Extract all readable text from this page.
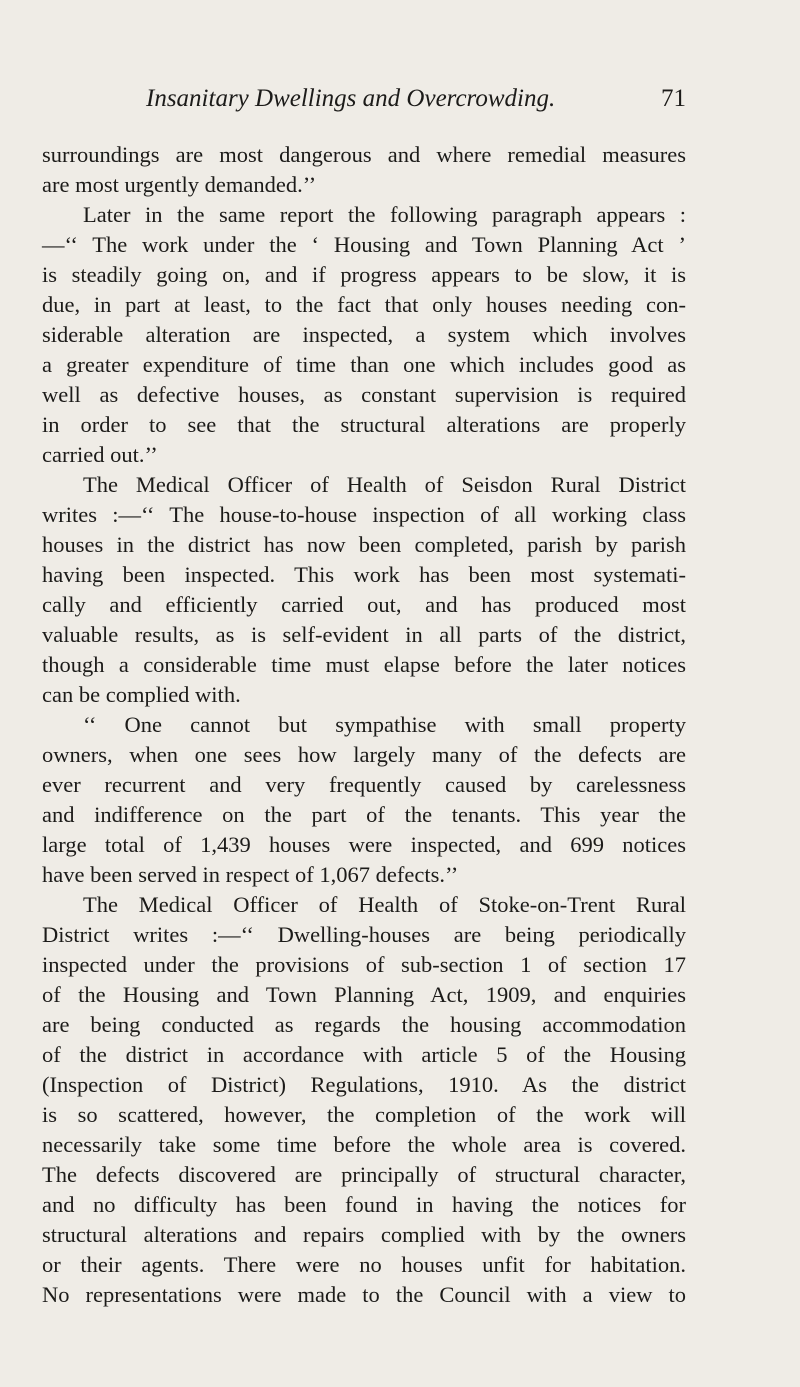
Insanitary Dwellings and Overcrowding.	71
surroundings are most dangerous and where remedial measures
are most urgently demanded.’’
Later in the same report the following paragraph appears :
—‘‘ The work under the ‘ Housing and Town Planning Act ’
is steadily going on, and if progress appears to be slow, it is
due, in part at least, to the fact that only houses needing con-
siderable alteration are inspected, a system which involves
a greater expenditure of time than one which includes good as
well as defective houses, as constant supervision is required
in order to see that the structural alterations are properly
carried out.’’
The Medical Officer of Health of Seisdon Rural District
writes :—‘‘ The house-to-house inspection of all working class
houses in the district has now been completed, parish by parish
having been inspected. This work has been most systemati-
cally and efficiently carried out, and has produced most
valuable results, as is self-evident in all parts of the district,
though a considerable time must elapse before the later notices
can be complied with.
‘‘ One cannot but sympathise with small property
owners, when one sees how largely many of the defects are
ever recurrent and very frequently caused by carelessness
and indifference on the part of the tenants. This year the
large total of 1,439 houses were inspected, and 699 notices
have been served in respect of 1,067 defects.’’
The Medical Officer of Health of Stoke-on-Trent Rural
District writes :—‘‘ Dwelling-houses are being periodically
inspected under the provisions of sub-section 1 of section 17
of the Housing and Town Planning Act, 1909, and enquiries
are being conducted as regards the housing accommodation
of the district in accordance with article 5 of the Housing
(Inspection of District) Regulations, 1910. As the district
is so scattered, however, the completion of the work will
necessarily take some time before the whole area is covered.
The defects discovered are principally of structural character,
and no difficulty has been found in having the notices for
structural alterations and repairs complied with by the owners
or their agents. There were no houses unfit for habitation.
No representations were made to the Council with a view to
